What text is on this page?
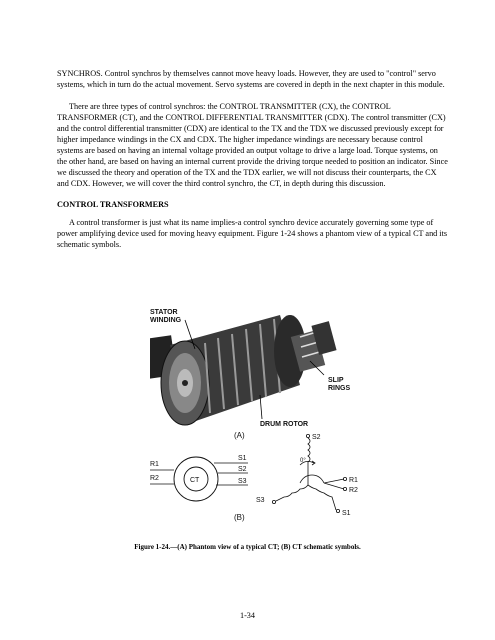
SYNCHROS. Control synchros by themselves cannot move heavy loads. However, they are used to "control" servo systems, which in turn do the actual movement. Servo systems are covered in depth in the next chapter in this module.

There are three types of control synchros: the CONTROL TRANSMITTER (CX), the CONTROL TRANSFORMER (CT), and the CONTROL DIFFERENTIAL TRANSMITTER (CDX). The control transmitter (CX) and the control differential transmitter (CDX) are identical to the TX and the TDX we discussed previously except for higher impedance windings in the CX and CDX. The higher impedance windings are necessary because control systems are based on having an internal voltage provided an output voltage to drive a large load. Torque systems, on the other hand, are based on having an internal current provide the driving torque needed to position an indicator. Since we discussed the theory and operation of the TX and the TDX earlier, we will not discuss their counterparts, the CX and CDX. However, we will cover the third control synchro, the CT, in depth during this discussion.

CONTROL TRANSFORMERS

A control transformer is just what its name implies-a control synchro device accurately governing some type of power amplifying device used for moving heavy equipment. Figure 1-24 shows a phantom view of a typical CT and its schematic symbols.

STATOR
WINDING
SLIP
RINGS
DRUM ROTOR
(A)
CT
R1
R2
S1
S2
S3
S2
0°
R1
R2
S3
S1
(B)
Figure 1-24.—(A) Phantom view of a typical CT; (B) CT schematic symbols.
1-34
